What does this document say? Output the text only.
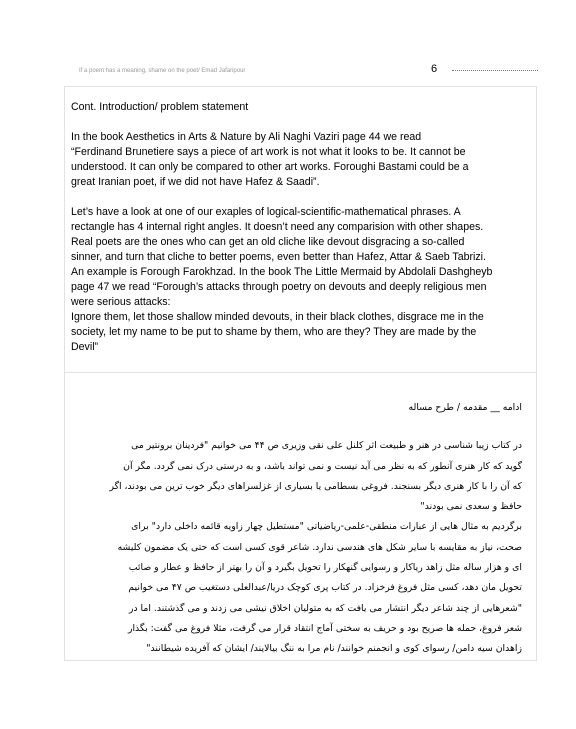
If a poem has a meaning, shame on the poet/ Emad Jafaripour	6

Cont. Introduction/ problem statement

In the book Aesthetics in Arts & Nature by Ali Naghi Vaziri page 44 we read

“Ferdinand Brunetiere says a piece of art work is not what it looks to be. It cannot be

understood. It can only be compared to other art works. Foroughi Bastami could be a

great Iranian poet, if we did not have Hafez & Saadi”.

Let’s have a look at one of our exaples of logical-scientific-mathematical phrases. A

rectangle has 4 internal right angles. It doesn’t need any comparision with other shapes.

Real poets are the ones who can get an old cliche like devout disgracing a so-called

sinner, and turn that cliche to better poems, even better than Hafez, Attar & Saeb Tabrizi.

An example is Forough Farokhzad. In the book The Little Mermaid by Abdolali Dashgheyb

page 47 we read “Forough’s attacks through poetry on devouts and deeply religious men

were serious attacks:

Ignore them, let those shallow minded devouts, in their black clothes, disgrace me in the

society, let my name to be put to shame by them, who are they? They are made by the

Devil”

ادامه __ مقدمه / طرح مساله

در کتاب زیبا شناسی در هنر و طبیعت اثر کلنل علی نقی وزیری ص ۴۴ می خوانیم "فردینان برونتیر می

گوید که کار هنری آنطور که به نظر می آید نیست و نمی تواند باشد، و به درستی درک نمی گردد. مگر آن

که آن را با کار هنری دیگر بسنجند. فروغی بسطامی یا بسیاری از غزلسراهای دیگر خوب ترین می بودند، اگر

حافظ و سعدی نمی بودند"

برگردیم به مثال هایی از عبارات منطقی-علمی-ریاضیاتی "مستطیل چهار زاویه قائمه داخلی دارد" برای

صحت، نیاز به مقایسه با سایر شکل های هندسی ندارد. شاعر قوی کسی است که حتی یک مضمون کلیشه

ای و هزار ساله مثل زاهد ریاکار و رسوایی گنهکار را تحویل بگیرد و آن را بهتر از حافظ و عطار و صائب

تحویل مان دهد، کسی مثل فروغ فرخزاد. در کتاب پری کوچک دریا/عبدالعلی دستغیب ص ۴۷ می خوانیم

"شعرهایی از چند شاعر دیگر انتشار می یافت که به متولیان اخلاق نیشی می زدند و می گذشتند. اما در

شعر فروغ، حمله ها صریح بود و حریف به سختی آماج انتقاد قرار می گرفت، مثلا فروغ می گفت: بگذار

زاهدان سیه دامن/ رسوای کوی و انجمنم خوانند/ نام مرا به ننگ بیالایند/ ایشان که آفریده شیطانند"
